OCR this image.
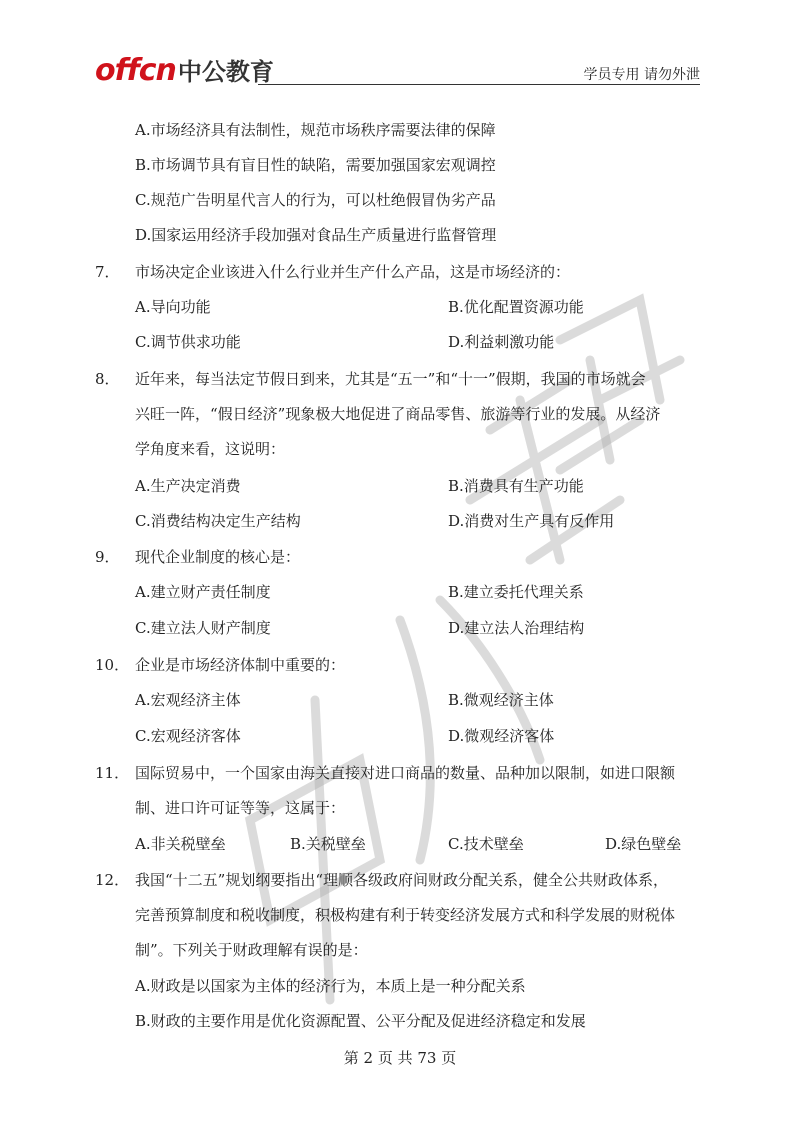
offcn中公教育	学员专用 请勿外泄
A.市场经济具有法制性，规范市场秩序需要法律的保障
B.市场调节具有盲目性的缺陷，需要加强国家宏观调控
C.规范广告明星代言人的行为，可以杜绝假冒伪劣产品
D.国家运用经济手段加强对食品生产质量进行监督管理
7． 市场决定企业该进入什么行业并生产什么产品，这是市场经济的：
A.导向功能	B.优化配置资源功能
C.调节供求功能	D.利益刺激功能
8． 近年来，每当法定节假日到来，尤其是“五一”和“十一”假期，我国的市场就会
兴旺一阵，“假日经济”现象极大地促进了商品零售、旅游等行业的发展。从经济
学角度来看，这说明：
A.生产决定消费	B.消费具有生产功能
C.消费结构决定生产结构	D.消费对生产具有反作用
9． 现代企业制度的核心是：
A.建立财产责任制度	B.建立委托代理关系
C.建立法人财产制度	D.建立法人治理结构
10． 企业是市场经济体制中重要的：
A.宏观经济主体	B.微观经济主体
C.宏观经济客体	D.微观经济客体
11． 国际贸易中，一个国家由海关直接对进口商品的数量、品种加以限制，如进口限额
制、进口许可证等等，这属于：
A.非关税壁垒	B.关税壁垒	C.技术壁垒	D.绿色壁垒
12． 我国“十二五”规划纲要指出“理顺各级政府间财政分配关系，健全公共财政体系，
完善预算制度和税收制度，积极构建有利于转变经济发展方式和科学发展的财税体
制”。下列关于财政理解有误的是：
A.财政是以国家为主体的经济行为，本质上是一种分配关系
B.财政的主要作用是优化资源配置、公平分配及促进经济稳定和发展
第 2 页 共 73 页
